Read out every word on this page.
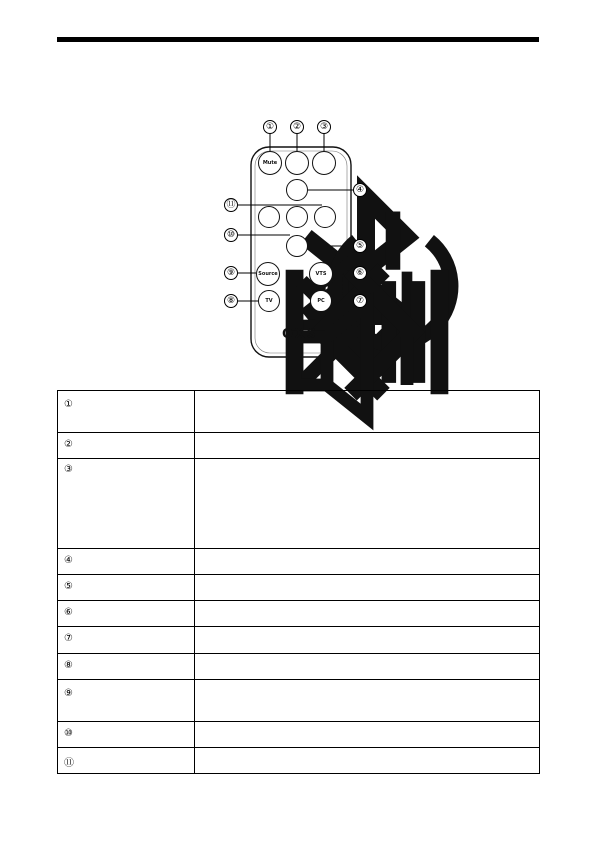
Mute
Source	VTS
TV	PC
OXS
①	②	③
④
⑤
⑥
⑦
⑧
⑨
⑩
⑪
①	
②	
③	
④	
⑤	
⑥	
⑦	
⑧	
⑨	
⑩	
⑪	
